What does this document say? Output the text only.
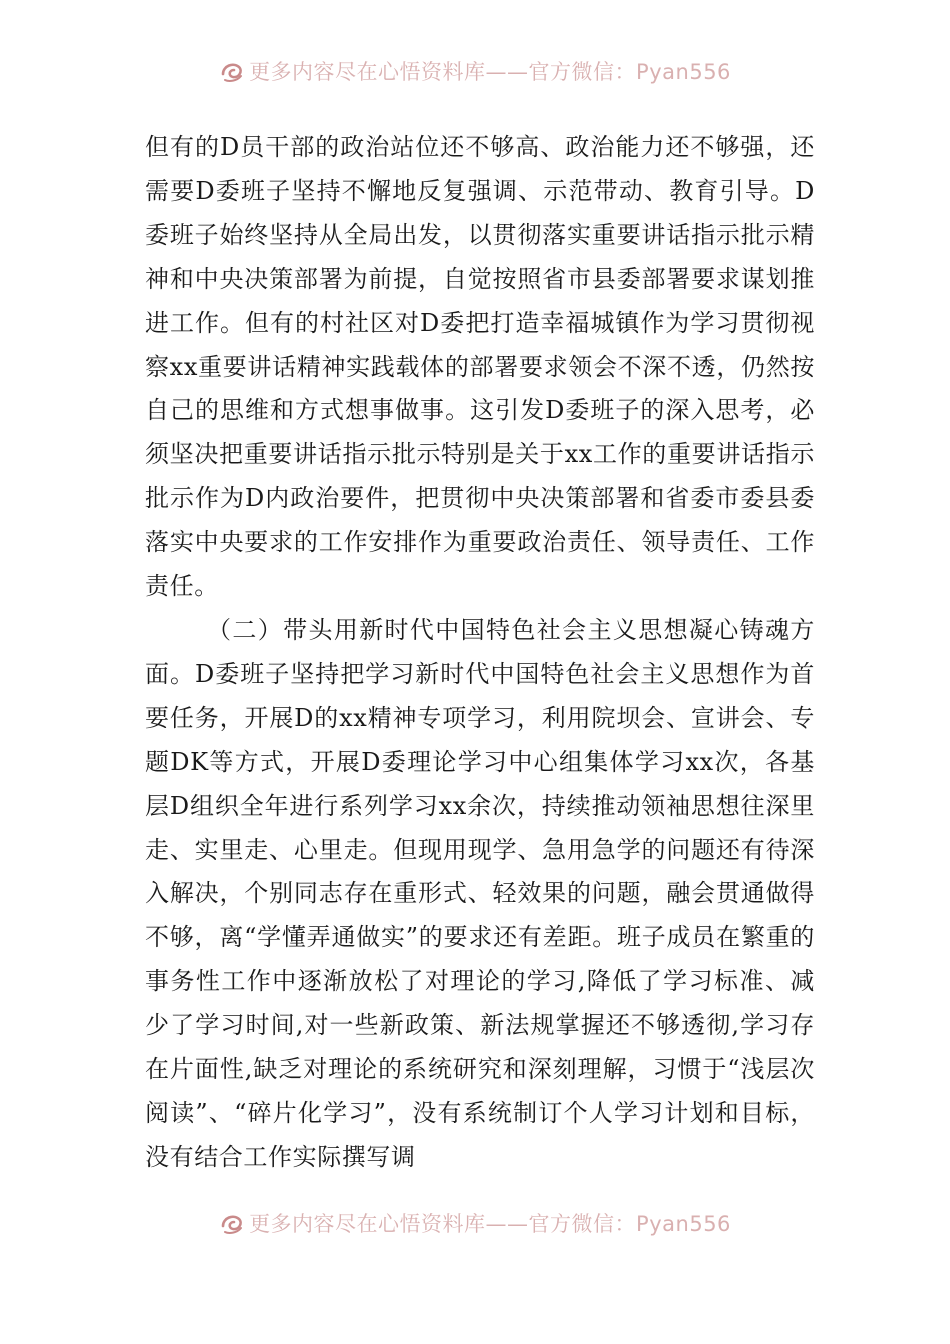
更多内容尽在心悟资料库——官方微信：Pyan556

但有的D员干部的政治站位还不够高、政治能力还不够强，还需要D委班子坚持不懈地反复强调、示范带动、教育引导。D委班子始终坚持从全局出发，以贯彻落实重要讲话指示批示精神和中央决策部署为前提，自觉按照省市县委部署要求谋划推进工作。但有的村社区对D委把打造幸福城镇作为学习贯彻视察xx重要讲话精神实践载体的部署要求领会不深不透，仍然按自己的思维和方式想事做事。这引发D委班子的深入思考，必须坚决把重要讲话指示批示特别是关于xx工作的重要讲话指示批示作为D内政治要件，把贯彻中央决策部署和省委市委县委落实中央要求的工作安排作为重要政治责任、领导责任、工作责任。

（二）带头用新时代中国特色社会主义思想凝心铸魂方面。D委班子坚持把学习新时代中国特色社会主义思想作为首要任务，开展D的xx精神专项学习，利用院坝会、宣讲会、专题DK等方式，开展D委理论学习中心组集体学习xx次，各基层D组织全年进行系列学习xx余次，持续推动领袖思想往深里走、实里走、心里走。但现用现学、急用急学的问题还有待深入解决，个别同志存在重形式、轻效果的问题，融会贯通做得不够，离“学懂弄通做实”的要求还有差距。班子成员在繁重的事务性工作中逐渐放松了对理论的学习,降低了学习标准、减少了学习时间,对一些新政策、新法规掌握还不够透彻,学习存在片面性,缺乏对理论的系统研究和深刻理解，习惯于“浅层次阅读”、“碎片化学习”，没有系统制订个人学习计划和目标，没有结合工作实际撰写调

更多内容尽在心悟资料库——官方微信：Pyan556
